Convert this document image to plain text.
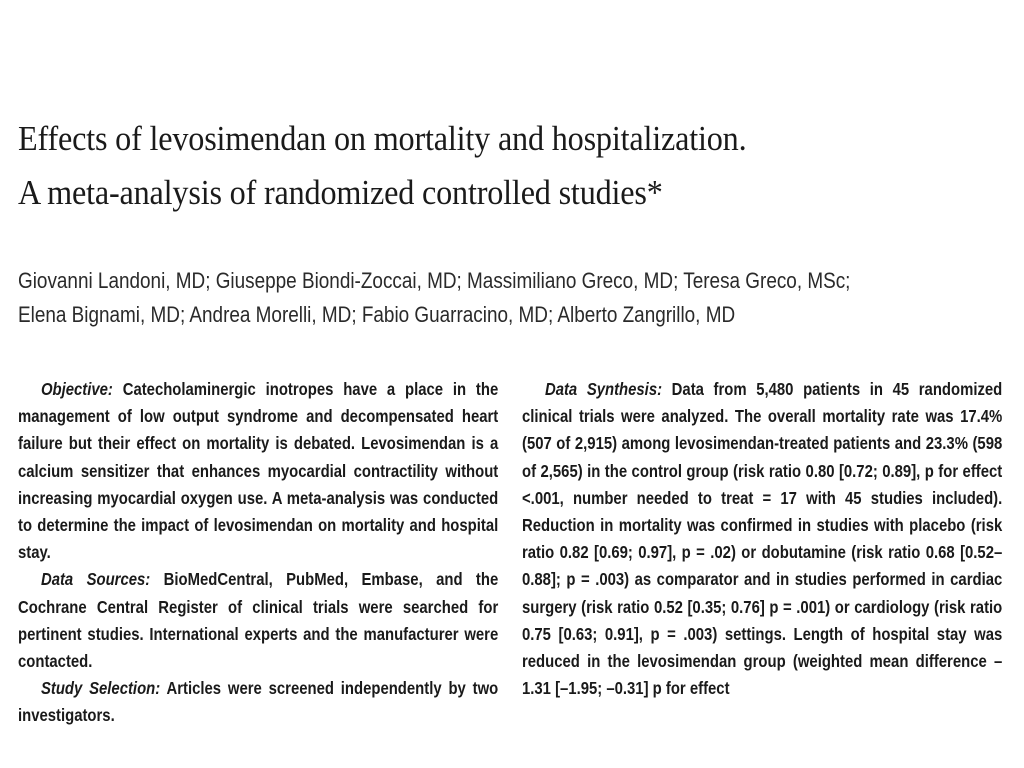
Effects of levosimendan on mortality and hospitalization.
A meta-analysis of randomized controlled studies*
Giovanni Landoni, MD; Giuseppe Biondi-Zoccai, MD; Massimiliano Greco, MD; Teresa Greco, MSc;
Elena Bignami, MD; Andrea Morelli, MD; Fabio Guarracino, MD; Alberto Zangrillo, MD

Objective: Catecholaminergic inotropes have a place in the management of low output syndrome and decompensated heart failure but their effect on mortality is debated. Levosimendan is a calcium sensitizer that enhances myocardial contractility without increasing myocardial oxygen use. A meta-analysis was conducted to determine the impact of levosimendan on mortality and hospital stay.

Data Sources: BioMedCentral, PubMed, Embase, and the Cochrane Central Register of clinical trials were searched for pertinent studies. International experts and the manufacturer were contacted.

Study Selection: Articles were screened independently by two investigators.

Data Synthesis: Data from 5,480 patients in 45 randomized clinical trials were analyzed. The overall mortality rate was 17.4% (507 of 2,915) among levosimendan-treated patients and 23.3% (598 of 2,565) in the control group (risk ratio 0.80 [0.72; 0.89], p for effect <.001, number needed to treat = 17 with 45 studies included). Reduction in mortality was confirmed in studies with placebo (risk ratio 0.82 [0.69; 0.97], p = .02) or dobutamine (risk ratio 0.68 [0.52–0.88]; p = .003) as comparator and in studies performed in cardiac surgery (risk ratio 0.52 [0.35; 0.76] p = .001) or cardiology (risk ratio 0.75 [0.63; 0.91], p = .003) settings. Length of hospital stay was reduced in the levosimendan group (weighted mean difference –1.31 [–1.95; –0.31] p for effect
